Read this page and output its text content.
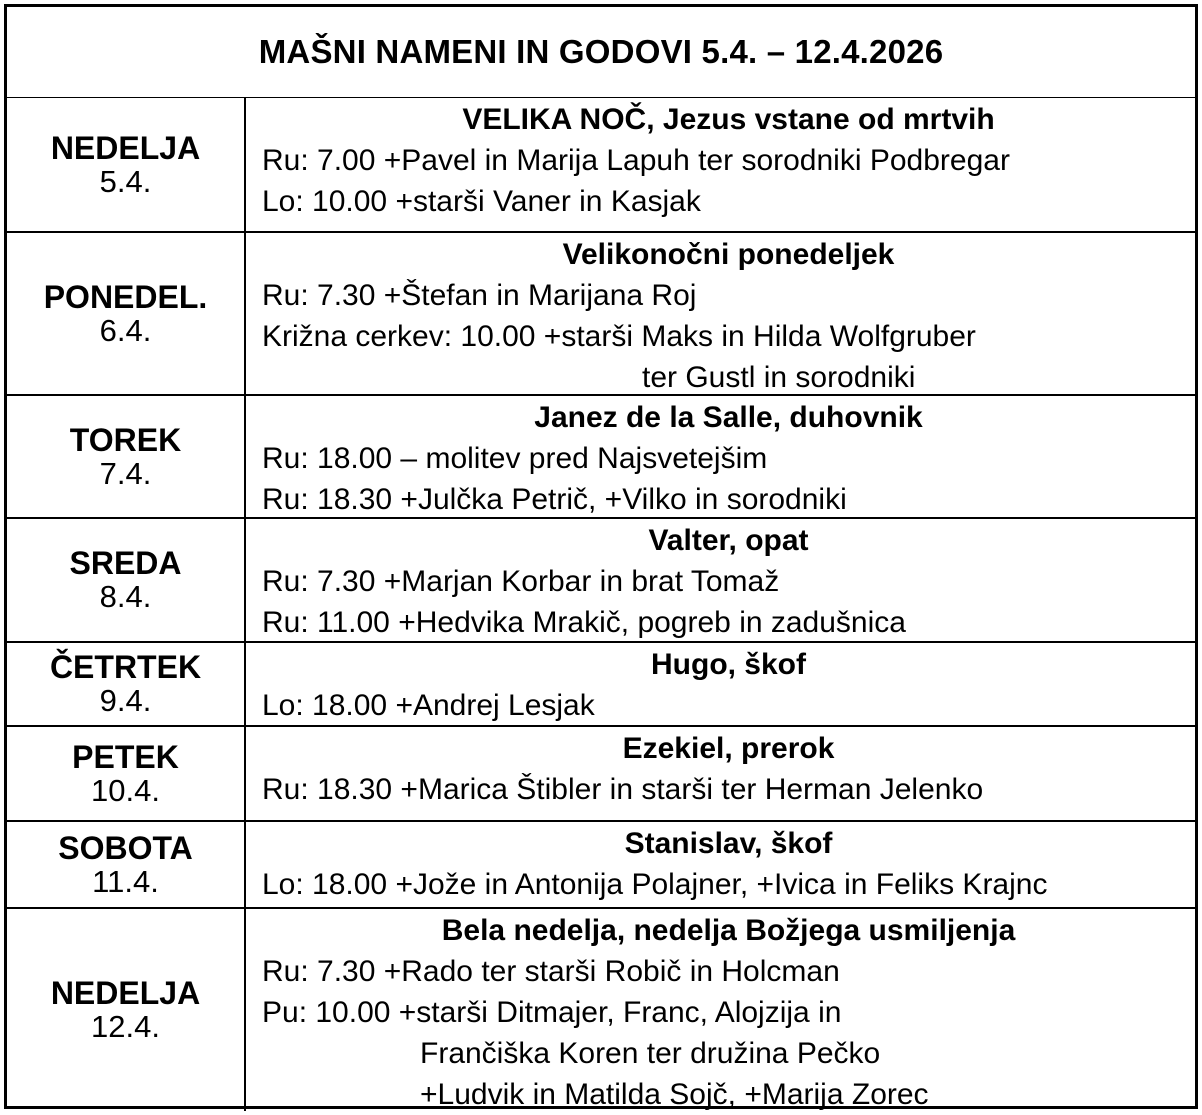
MAŠNI NAMENI IN GODOVI 5.4. – 12.4.2026
NEDELJA
5.4.
VELIKA NOČ, Jezus vstane od mrtvih
Ru: 7.00 +Pavel in Marija Lapuh ter sorodniki Podbregar
Lo: 10.00 +starši Vaner in Kasjak
PONEDEL.
6.4.
Velikonočni ponedeljek
Ru: 7.30 +Štefan in Marijana Roj
Križna cerkev: 10.00 +starši Maks in Hilda Wolfgruber
ter Gustl in sorodniki
TOREK
7.4.
Janez de la Salle, duhovnik
Ru: 18.00 – molitev pred Najsvetejšim
Ru: 18.30 +Julčka Petrič, +Vilko in sorodniki
SREDA
8.4.
Valter, opat
Ru: 7.30 +Marjan Korbar in brat Tomaž
Ru: 11.00 +Hedvika Mrakič, pogreb in zadušnica
ČETRTEK
9.4.
Hugo, škof
Lo: 18.00 +Andrej Lesjak
PETEK
10.4.
Ezekiel, prerok
Ru: 18.30 +Marica Štibler in starši ter Herman Jelenko
SOBOTA
11.4.
Stanislav, škof
Lo: 18.00 +Jože in Antonija Polajner, +Ivica in Feliks Krajnc
NEDELJA
12.4.
Bela nedelja, nedelja Božjega usmiljenja
Ru: 7.30 +Rado ter starši Robič in Holcman
Pu: 10.00 +starši Ditmajer, Franc, Alojzija in
Frančiška Koren ter družina Pečko
+Ludvik in Matilda Sojč, +Marija Zorec
